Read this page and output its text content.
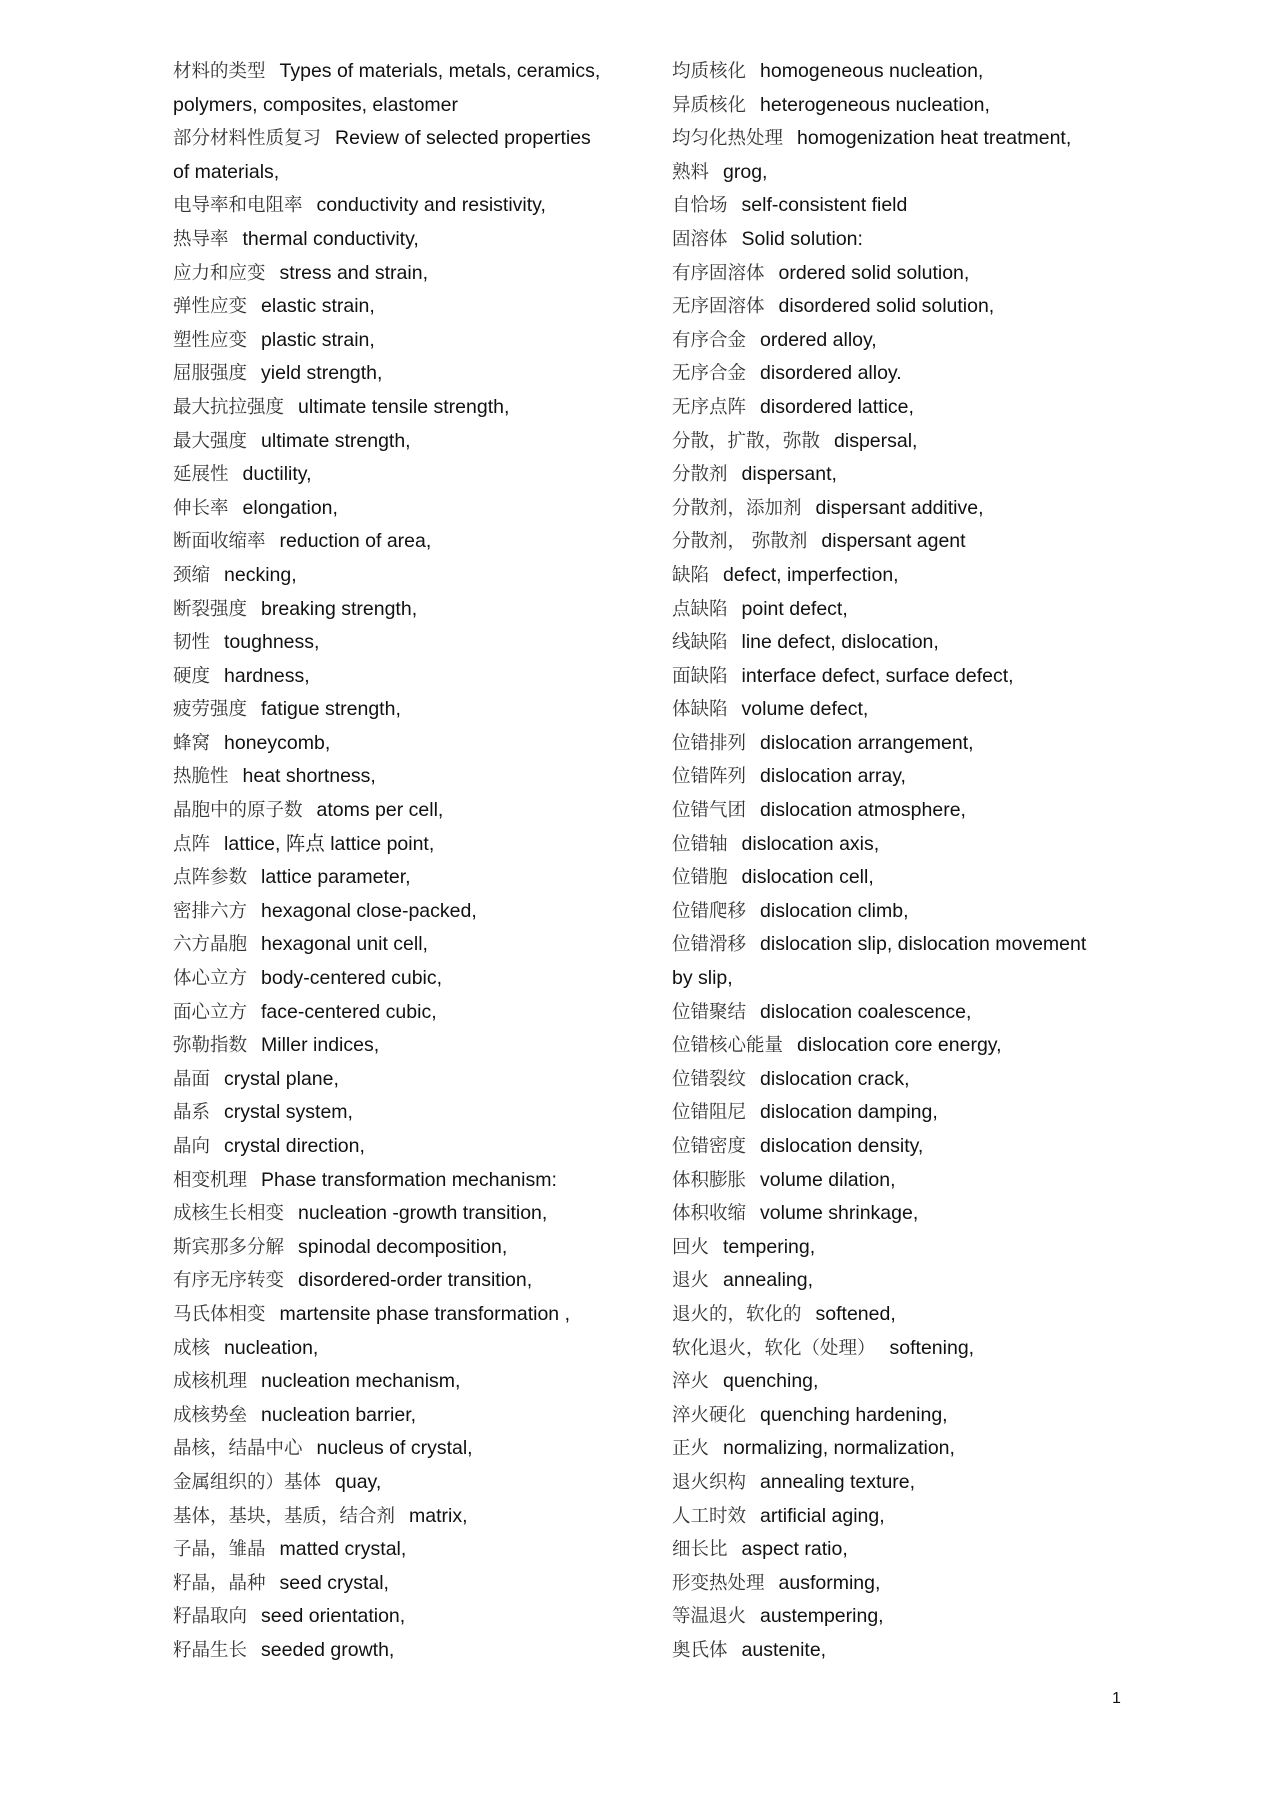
材料的类型 Types of materials, metals, ceramics,
polymers, composites, elastomer
部分材料性质复习 Review of selected properties
of materials,
电导率和电阻率 conductivity and resistivity,
热导率 thermal conductivity,
应力和应变 stress and strain,
弹性应变 elastic strain,
塑性应变 plastic strain,
屈服强度 yield strength,
最大抗拉强度 ultimate tensile strength,
最大强度 ultimate strength,
延展性 ductility,
伸长率 elongation,
断面收缩率 reduction of area,
颈缩 necking,
断裂强度 breaking strength,
韧性 toughness,
硬度 hardness,
疲劳强度 fatigue strength,
蜂窝 honeycomb,
热脆性 heat shortness,
晶胞中的原子数 atoms per cell,
点阵 lattice, 阵点 lattice point,
点阵参数 lattice parameter,
密排六方 hexagonal close-packed,
六方晶胞 hexagonal unit cell,
体心立方 body-centered cubic,
面心立方 face-centered cubic,
弥勒指数 Miller indices,
晶面 crystal plane,
晶系 crystal system,
晶向 crystal direction,
相变机理 Phase transformation mechanism:
成核生长相变 nucleation -growth transition,
斯宾那多分解 spinodal decomposition,
有序无序转变 disordered-order transition,
马氏体相变 martensite phase transformation ,
成核 nucleation,
成核机理 nucleation mechanism,
成核势垒 nucleation barrier,
晶核，结晶中心 nucleus of crystal,
金属组织的）基体 quay,
基体，基块，基质，结合剂 matrix,
子晶，雏晶 matted crystal,
籽晶，晶种 seed crystal,
籽晶取向 seed orientation,
籽晶生长 seeded growth,
均质核化 homogeneous nucleation,
异质核化 heterogeneous nucleation,
均匀化热处理 homogenization heat treatment,
熟料 grog,
自恰场 self-consistent field
固溶体 Solid solution:
有序固溶体 ordered solid solution,
无序固溶体 disordered solid solution,
有序合金 ordered alloy,
无序合金 disordered alloy.
无序点阵 disordered lattice,
分散，扩散，弥散 dispersal,
分散剂 dispersant,
分散剂，添加剂 dispersant additive,
分散剂， 弥散剂 dispersant agent
缺陷 defect, imperfection,
点缺陷 point defect,
线缺陷 line defect, dislocation,
面缺陷 interface defect, surface defect,
体缺陷 volume defect,
位错排列 dislocation arrangement,
位错阵列 dislocation array,
位错气团 dislocation atmosphere,
位错轴 dislocation axis,
位错胞 dislocation cell,
位错爬移 dislocation climb,
位错滑移 dislocation slip, dislocation movement
by slip,
位错聚结 dislocation coalescence,
位错核心能量 dislocation core energy,
位错裂纹 dislocation crack,
位错阻尼 dislocation damping,
位错密度 dislocation density,
体积膨胀 volume dilation,
体积收缩 volume shrinkage,
回火 tempering,
退火 annealing,
退火的，软化的 softened,
软化退火，软化（处理） softening,
淬火 quenching,
淬火硬化 quenching hardening,
正火 normalizing, normalization,
退火织构 annealing texture,
人工时效 artificial aging,
细长比 aspect ratio,
形变热处理 ausforming,
等温退火 austempering,
奥氏体 austenite,
1
